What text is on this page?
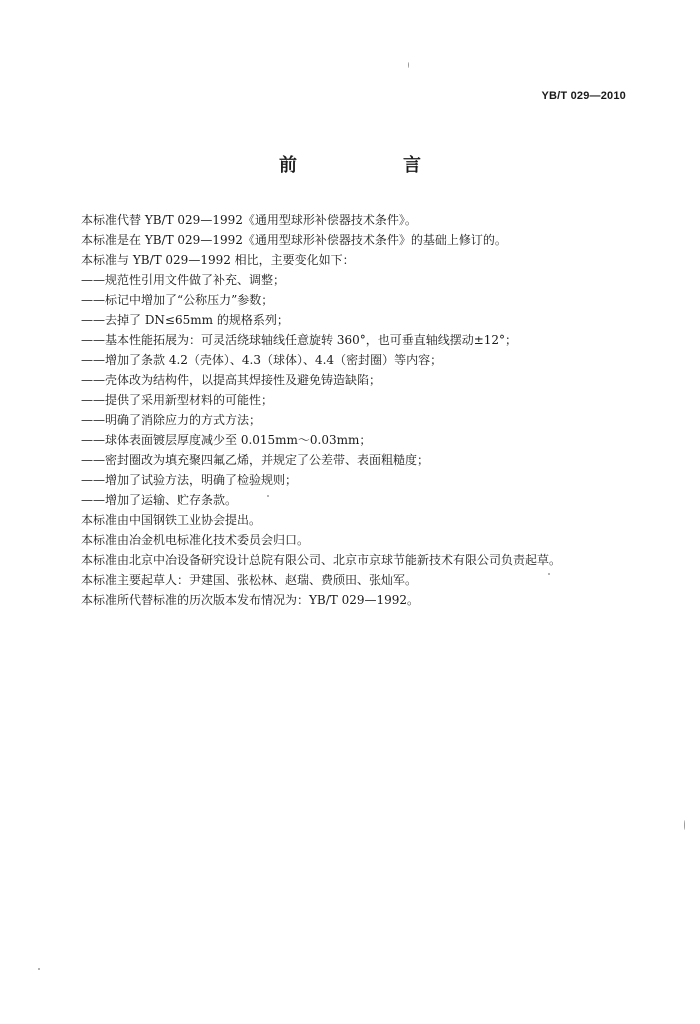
YB/T 029—2010
前　言
本标准代替 YB/T 029—1992《通用型球形补偿器技术条件》。
本标准是在 YB/T 029—1992《通用型球形补偿器技术条件》的基础上修订的。
本标准与 YB/T 029—1992 相比，主要变化如下：
——规范性引用文件做了补充、调整；
——标记中增加了“公称压力”参数；
——去掉了 DN≤65mm 的规格系列；
——基本性能拓展为：可灵活绕球轴线任意旋转 360°，也可垂直轴线摆动±12°；
——增加了条款 4.2（壳体）、4.3（球体）、4.4（密封圈）等内容；
——壳体改为结构件，以提高其焊接性及避免铸造缺陷；
——提供了采用新型材料的可能性；
——明确了消除应力的方式方法；
——球体表面镀层厚度减少至 0.015mm～0.03mm；
——密封圈改为填充聚四氟乙烯，并规定了公差带、表面粗糙度；
——增加了试验方法，明确了检验规则；
——增加了运输、贮存条款。
本标准由中国钢铁工业协会提出。
本标准由冶金机电标准化技术委员会归口。
本标准由北京中冶设备研究设计总院有限公司、北京市京球节能新技术有限公司负责起草。
本标准主要起草人：尹建国、张松林、赵瑞、费颀田、张灿军。
本标准所代替标准的历次版本发布情况为：YB/T 029—1992。
